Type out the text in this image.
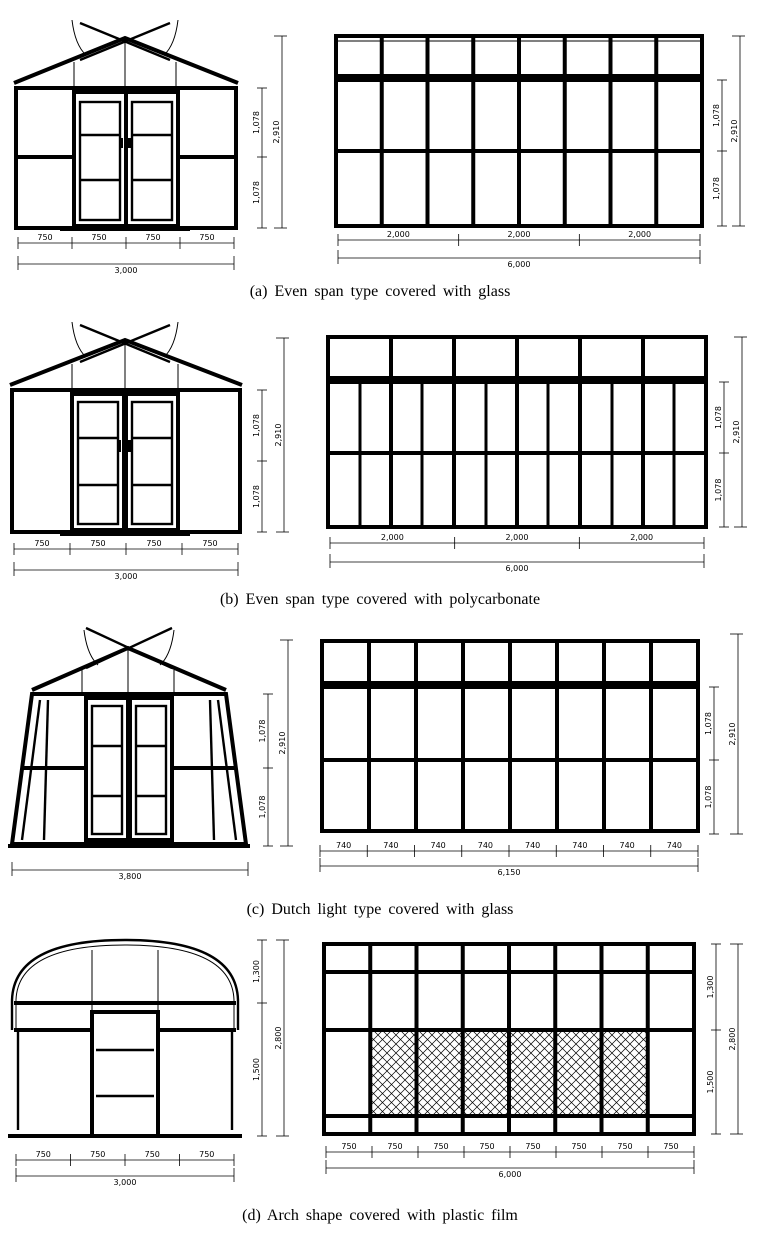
750	750	750	750
3,000
1,078
1,078
2,910
2,000	2,000	2,000
6,000
1,078
1,078
2,910
750	750	750	750
3,000
1,078
1,078
2,910
2,000	2,000	2,000
6,000
1,078
1,078
2,910
3,800
1,078
1,078
2,910
740	740	740	740	740	740	740	740
6,150
1,078
1,078
2,910
750	750	750	750
3,000
1,300
1,500
2,800
750	750	750	750	750	750	750	750
6,000
1,300
1,500
2,800
(a) Even span type covered with glass
(b) Even span type covered with polycarbonate
(c) Dutch light type covered with glass
(d) Arch shape covered with plastic film
